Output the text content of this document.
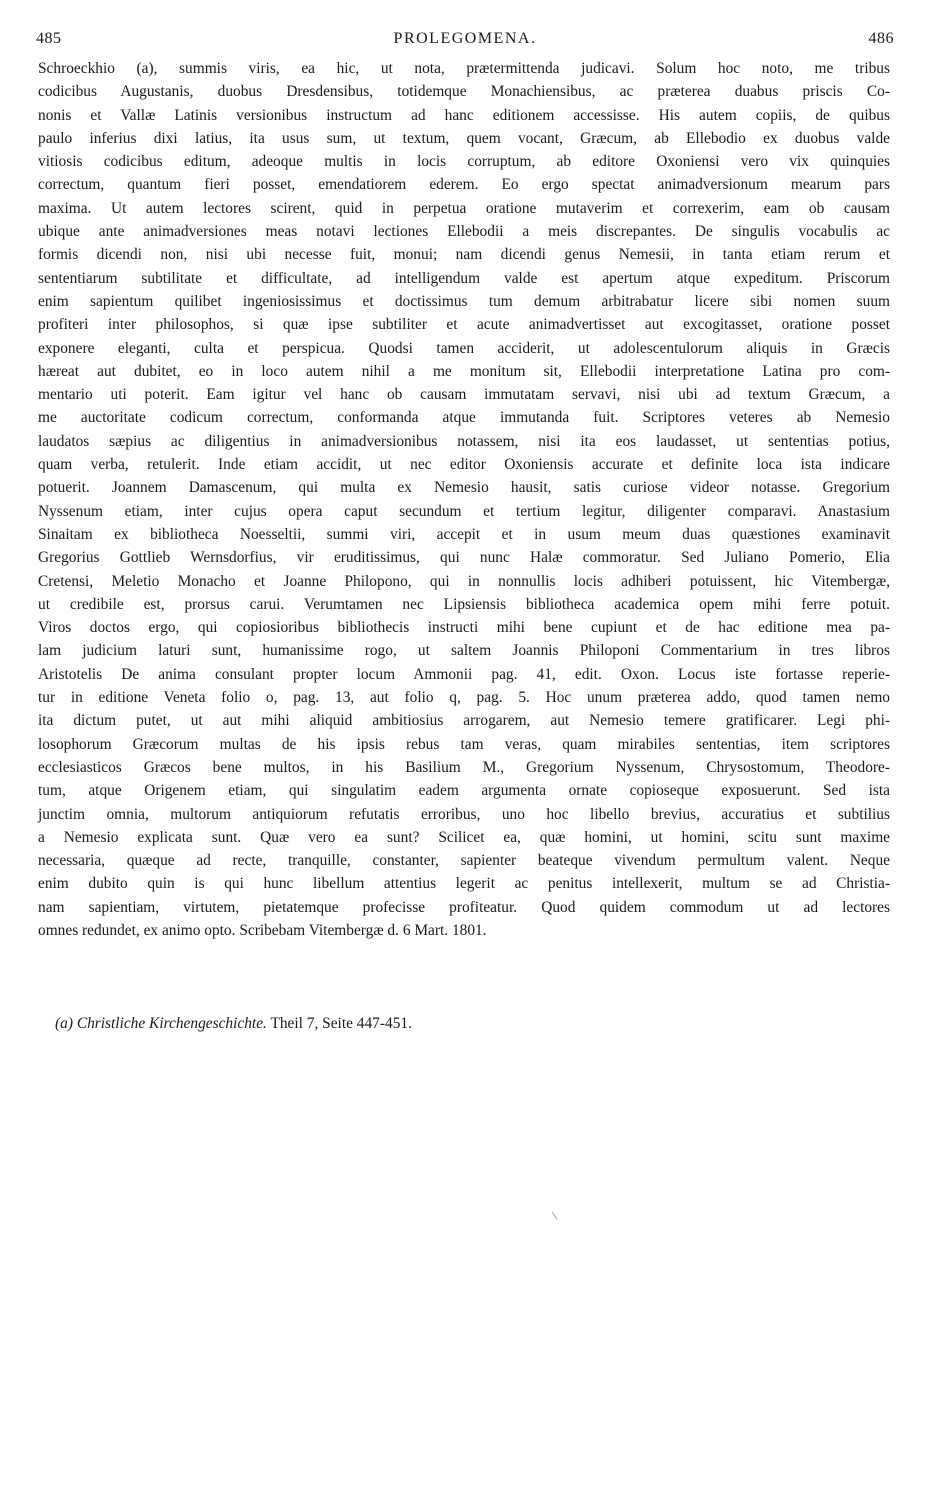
485	PROLEGOMENA.	486
Schroeckhio (a), summis viris, ea hic, ut nota, prætermittenda judicavi. Solum hoc noto, me tribus
codicibus Augustanis, duobus Dresdensibus, totidemque Monachiensibus, ac præterea duabus priscis Co-
nonis et Vallæ Latinis versionibus instructum ad hanc editionem accessisse. His autem copiis, de quibus
paulo inferius dixi latius, ita usus sum, ut textum, quem vocant, Græcum, ab Ellebodio ex duobus valde
vitiosis codicibus editum, adeoque multis in locis corruptum, ab editore Oxoniensi vero vix quinquies
correctum, quantum fieri posset, emendatiorem ederem. Eo ergo spectat animadversionum mearum pars
maxima. Ut autem lectores scirent, quid in perpetua oratione mutaverim et correxerim, eam ob causam
ubique ante animadversiones meas notavi lectiones Ellebodii a meis discrepantes. De singulis vocabulis ac
formis dicendi non, nisi ubi necesse fuit, monui; nam dicendi genus Nemesii, in tanta etiam rerum et
sententiarum subtilitate et difficultate, ad intelligendum valde est apertum atque expeditum. Priscorum
enim sapientum quilibet ingeniosissimus et doctissimus tum demum arbitrabatur licere sibi nomen suum
profiteri inter philosophos, si quæ ipse subtiliter et acute animadvertisset aut excogitasset, oratione posset
exponere eleganti, culta et perspicua. Quodsi tamen acciderit, ut adolescentulorum aliquis in Græcis
hæreat aut dubitet, eo in loco autem nihil a me monitum sit, Ellebodii interpretatione Latina pro com-
mentario uti poterit. Eam igitur vel hanc ob causam immutatam servavi, nisi ubi ad textum Græcum, a
me auctoritate codicum correctum, conformanda atque immutanda fuit. Scriptores veteres ab Nemesio
laudatos sæpius ac diligentius in animadversionibus notassem, nisi ita eos laudasset, ut sententias potius,
quam verba, retulerit. Inde etiam accidit, ut nec editor Oxoniensis accurate et definite loca ista indicare
potuerit. Joannem Damascenum, qui multa ex Nemesio hausit, satis curiose videor notasse. Gregorium
Nyssenum etiam, inter cujus opera caput secundum et tertium legitur, diligenter comparavi. Anastasium
Sinaitam ex bibliotheca Noesseltii, summi viri, accepit et in usum meum duas quæstiones examinavit
Gregorius Gottlieb Wernsdorfius, vir eruditissimus, qui nunc Halæ commoratur. Sed Juliano Pomerio, Elia
Cretensi, Meletio Monacho et Joanne Philopono, qui in nonnullis locis adhiberi potuissent, hic Vitembergæ,
ut credibile est, prorsus carui. Verumtamen nec Lipsiensis bibliotheca academica opem mihi ferre potuit.
Viros doctos ergo, qui copiosioribus bibliothecis instructi mihi bene cupiunt et de hac editione mea pa-
lam judicium laturi sunt, humanissime rogo, ut saltem Joannis Philoponi Commentarium in tres libros
Aristotelis De anima consulant propter locum Ammonii pag. 41, edit. Oxon. Locus iste fortasse reperie-
tur in editione Veneta folio o, pag. 13, aut folio q, pag. 5. Hoc unum præterea addo, quod tamen nemo
ita dictum putet, ut aut mihi aliquid ambitiosius arrogarem, aut Nemesio temere gratificarer. Legi phi-
losophorum Græcorum multas de his ipsis rebus tam veras, quam mirabiles sententias, item scriptores
ecclesiasticos Græcos bene multos, in his Basilium M., Gregorium Nyssenum, Chrysostomum, Theodore-
tum, atque Origenem etiam, qui singulatim eadem argumenta ornate copioseque exposuerunt. Sed ista
junctim omnia, multorum antiquiorum refutatis erroribus, uno hoc libello brevius, accuratius et subtilius
a Nemesio explicata sunt. Quæ vero ea sunt? Scilicet ea, quæ homini, ut homini, scitu sunt maxime
necessaria, quæque ad recte, tranquille, constanter, sapienter beateque vivendum permultum valent. Neque
enim dubito quin is qui hunc libellum attentius legerit ac penitus intellexerit, multum se ad Christia-
nam sapientiam, virtutem, pietatemque profecisse profiteatur. Quod quidem commodum ut ad lectores
omnes redundet, ex animo opto. Scribebam Vitembergæ d. 6 Mart. 1801.
(a) Christliche Kirchengeschichte. Theil 7, Seite 447-451.
\
